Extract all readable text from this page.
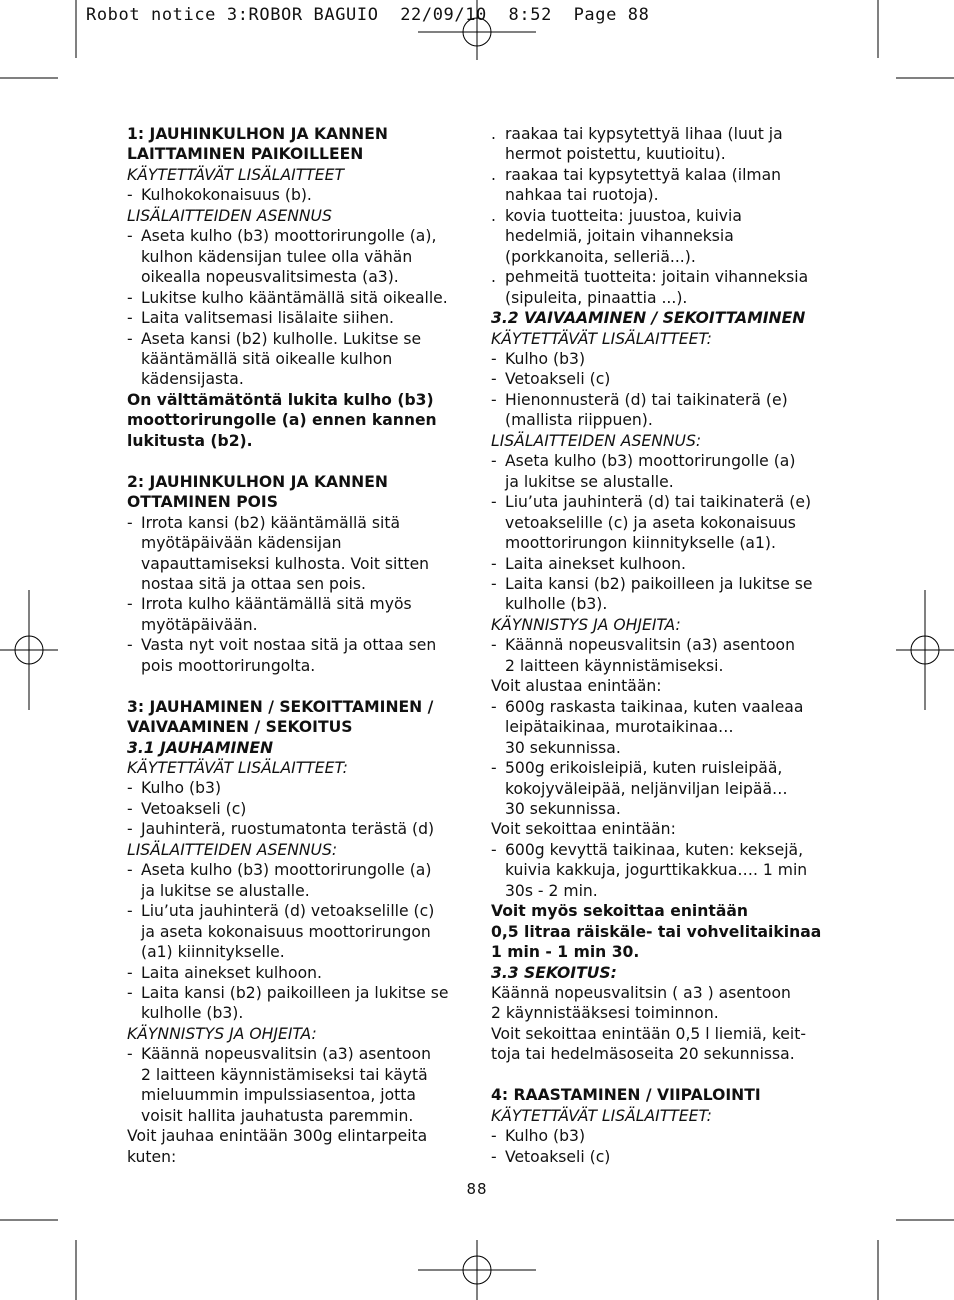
Robot notice 3:ROBOR BAGUIO  22/09/10  8:52  Page 88
1: JAUHINKULHON JA KANNEN
LAITTAMINEN PAIKOILLEEN
KÄYTETTÄVÄT LISÄLAITTEET
- Kulhokokonaisuus (b).
LISÄLAITTEIDEN ASENNUS
- Aseta kulho (b3) moottorirungolle (a),
kulhon kädensijan tulee olla vähän
oikealla nopeusvalitsimesta (a3).
- Lukitse kulho kääntämällä sitä oikealle.
- Laita valitsemasi lisälaite siihen.
- Aseta kansi (b2) kulholle. Lukitse se
kääntämällä sitä oikealle kulhon
kädensijasta.
On välttämätöntä lukita kulho (b3)
moottorirungolle (a) ennen kannen
lukitusta (b2).
2: JAUHINKULHON JA KANNEN
OTTAMINEN POIS
- Irrota kansi (b2) kääntämällä sitä
myötäpäivään kädensijan
vapauttamiseksi kulhosta. Voit sitten
nostaa sitä ja ottaa sen pois.
- Irrota kulho kääntämällä sitä myös
myötäpäivään.
- Vasta nyt voit nostaa sitä ja ottaa sen
pois moottorirungolta.
3: JAUHAMINEN / SEKOITTAMINEN /
VAIVAAMINEN / SEKOITUS
3.1 JAUHAMINEN
KÄYTETTÄVÄT LISÄLAITTEET:
- Kulho (b3)
- Vetoakseli (c)
- Jauhinterä, ruostumatonta terästä (d)
LISÄLAITTEIDEN ASENNUS:
- Aseta kulho (b3) moottorirungolle (a)
ja lukitse se alustalle.
- Liu’uta jauhinterä (d) vetoakselille (c)
ja aseta kokonaisuus moottorirungon
(a1) kiinnitykselle.
- Laita ainekset kulhoon.
- Laita kansi (b2) paikoilleen ja lukitse se
kulholle (b3).
KÄYNNISTYS JA OHJEITA:
- Käännä nopeusvalitsin (a3) asentoon
2 laitteen käynnistämiseksi tai käytä
mieluummin impulssiasentoa, jotta
voisit hallita jauhatusta paremmin.
Voit jauhaa enintään 300g elintarpeita
kuten:
. raakaa tai kypsytettyä lihaa (luut ja
hermot poistettu, kuutioitu).
. raakaa tai kypsytettyä kalaa (ilman
nahkaa tai ruotoja).
. kovia tuotteita: juustoa, kuivia
hedelmiä, joitain vihanneksia
(porkkanoita, selleriä...).
. pehmeitä tuotteita: joitain vihanneksia
(sipuleita, pinaattia ...).
3.2 VAIVAAMINEN / SEKOITTAMINEN
KÄYTETTÄVÄT LISÄLAITTEET:
- Kulho (b3)
- Vetoakseli (c)
- Hienonnusterä (d) tai taikinaterä (e)
(mallista riippuen).
LISÄLAITTEIDEN ASENNUS:
- Aseta kulho (b3) moottorirungolle (a)
ja lukitse se alustalle.
- Liu’uta jauhinterä (d) tai taikinaterä (e)
vetoakselille (c) ja aseta kokonaisuus
moottorirungon kiinnitykselle (a1).
- Laita ainekset kulhoon.
- Laita kansi (b2) paikoilleen ja lukitse se
kulholle (b3).
KÄYNNISTYS JA OHJEITA:
- Käännä nopeusvalitsin (a3) asentoon
2 laitteen käynnistämiseksi.
Voit alustaa enintään:
- 600g raskasta taikinaa, kuten vaaleaa
leipätaikinaa, murotaikinaa…
30 sekunnissa.
- 500g erikoisleipiä, kuten ruisleipää,
kokojyväleipää, neljänviljan leipää…
30 sekunnissa.
Voit sekoittaa enintään:
- 600g kevyttä taikinaa, kuten: keksejä,
kuivia kakkuja, jogurttikakkua…. 1 min
30s - 2 min.
Voit myös sekoittaa enintään
0,5 litraa räiskäle- tai vohvelitaikinaa
1 min - 1 min 30.
3.3 SEKOITUS:
Käännä nopeusvalitsin ( a3 ) asentoon
2 käynnistääksesi toiminnon.
Voit sekoittaa enintään 0,5 l liemiä, keit-
toja tai hedelmäsoseita 20 sekunnissa.
4: RAASTAMINEN / VIIPALOINTI
KÄYTETTÄVÄT LISÄLAITTEET:
- Kulho (b3)
- Vetoakseli (c)
88
